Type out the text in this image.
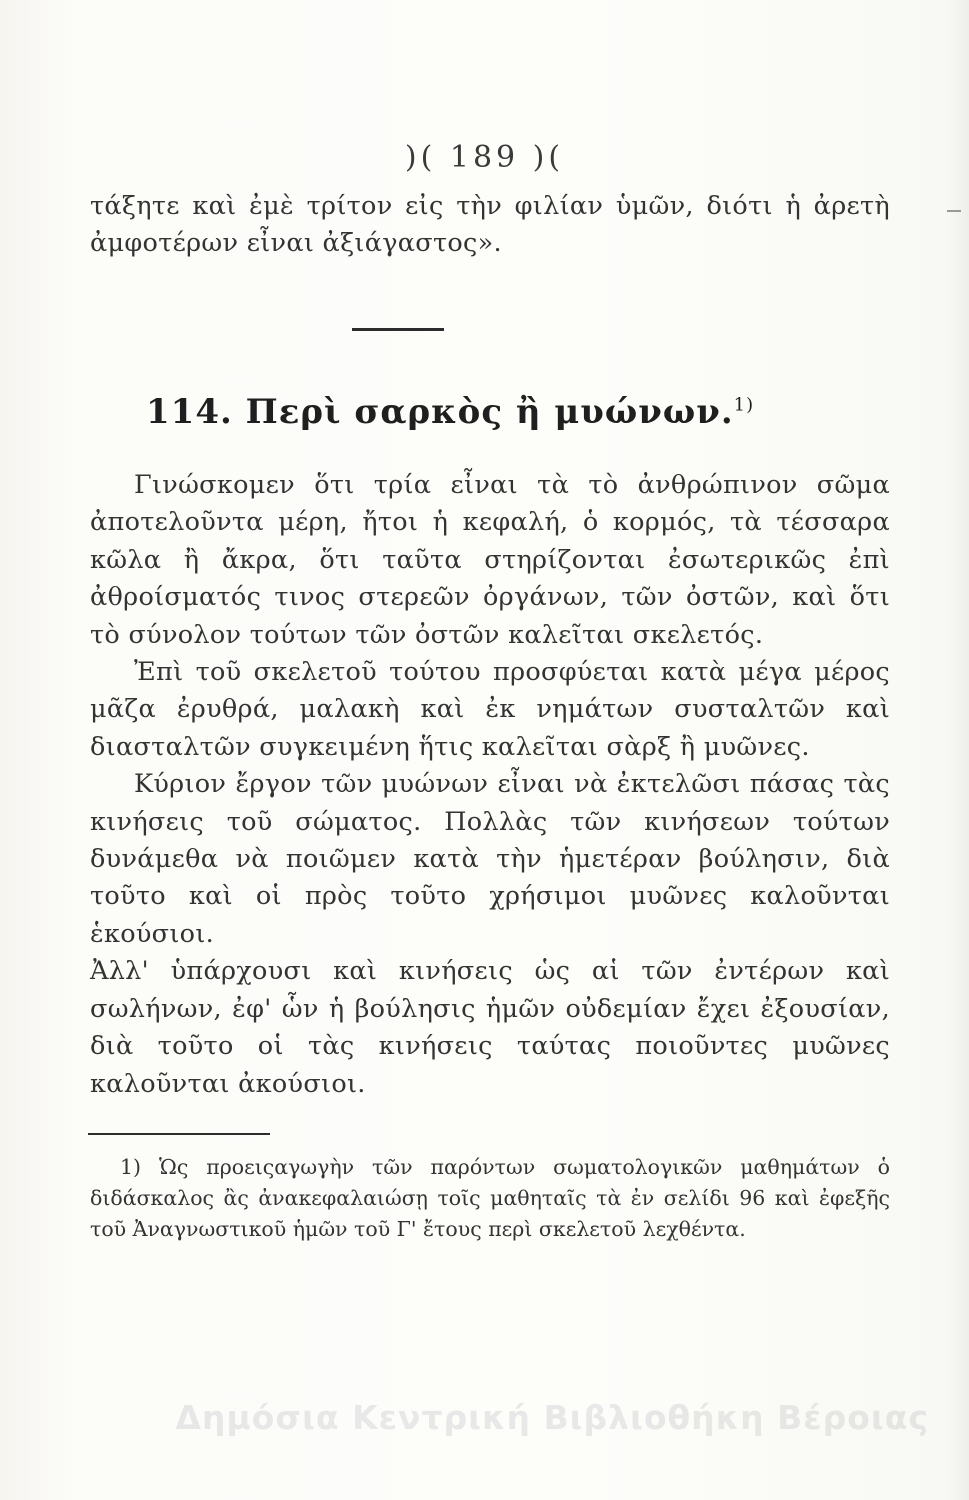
)( 189 )(

τάξητε καὶ ἐμὲ τρίτον εἰς τὴν φιλίαν ὑμῶν, διότι ἡ ἀρετὴ ἀμφοτέρων εἶναι ἀξιάγαστος».

114. Περὶ σαρκὸς ἢ μυώνων.$^{1)}$

Γινώσκομεν ὅτι τρία εἶναι τὰ τὸ ἀνθρώπινον σῶμα ἀποτελοῦντα μέρη, ἤτοι ἡ κεφαλή, ὁ κορμός, τὰ τέσσαρα κῶλα ἢ ἄκρα, ὅτι ταῦτα στηρίζονται ἐσωτερικῶς ἐπὶ ἀθροίσματός τινος στερεῶν ὀργάνων, τῶν ὀστῶν, καὶ ὅτι τὸ σύνολον τούτων τῶν ὀστῶν καλεῖται σκελετός.

Ἐπὶ τοῦ σκελετοῦ τούτου προσφύεται κατὰ μέγα μέρος μᾶζα ἐρυθρά, μαλακὴ καὶ ἐκ νημάτων συσταλτῶν καὶ διασταλτῶν συγκειμένη ἥτις καλεῖται σὰρξ ἢ μυῶνες.

Κύριον ἔργον τῶν μυώνων εἶναι νὰ ἐκτελῶσι πάσας τὰς κινήσεις τοῦ σώματος. Πολλὰς τῶν κινήσεων τούτων δυνάμεθα νὰ ποιῶμεν κατὰ τὴν ἡμετέραν βούλησιν, διὰ τοῦτο καὶ οἱ πρὸς τοῦτο χρήσιμοι μυῶνες καλοῦνται ἑκούσιοι.

Ἀλλ' ὑπάρχουσι καὶ κινήσεις ὡς αἱ τῶν ἐντέρων καὶ σωλήνων, ἐφ' ὧν ἡ βούλησις ἡμῶν οὐδεμίαν ἔχει ἐξουσίαν, διὰ τοῦτο οἱ τὰς κινήσεις ταύτας ποιοῦντες μυῶνες καλοῦνται ἀκούσιοι.

1) Ὡς προειςαγωγὴν τῶν παρόντων σωματολογικῶν μαθημάτων ὁ διδάσκαλος ἂς ἀνακεφαλαιώσῃ τοῖς μαθηταῖς τὰ ἐν σελίδι 96 καὶ ἐφεξῆς τοῦ Ἀναγνωστικοῦ ἡμῶν τοῦ Γ' ἔτους περὶ σκελετοῦ λεχθέντα.

Δημόσια Κεντρική Βιβλιοθήκη Βέροιας
